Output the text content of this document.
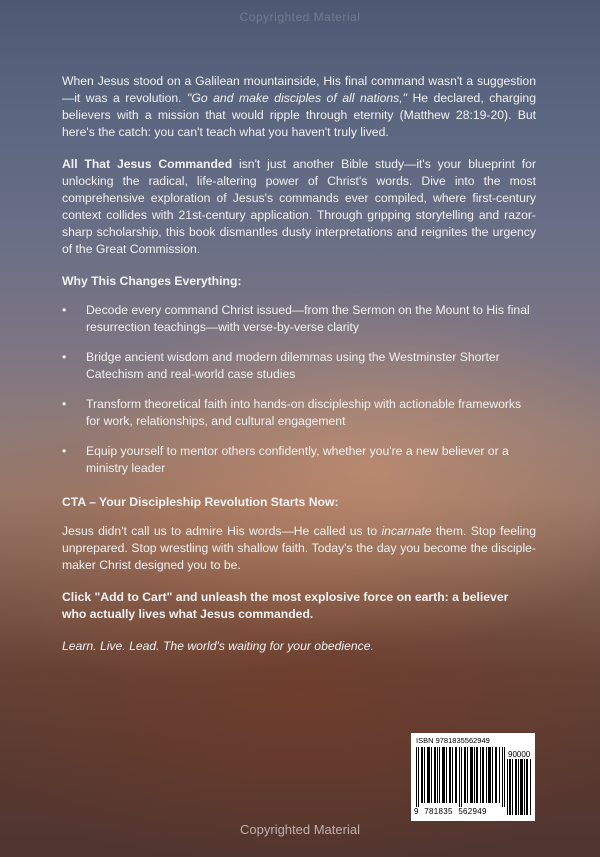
Copyrighted Material

When Jesus stood on a Galilean mountainside, His final command wasn't a suggestion—it was a revolution. "Go and make disciples of all nations," He declared, charging believers with a mission that would ripple through eternity (Matthew 28:19-20). But here's the catch: you can't teach what you haven't truly lived.

All That Jesus Commanded isn't just another Bible study—it's your blueprint for unlocking the radical, life-altering power of Christ's words. Dive into the most comprehensive exploration of Jesus's commands ever compiled, where first-century context collides with 21st-century application. Through gripping storytelling and razor-sharp scholarship, this book dismantles dusty interpretations and reignites the urgency of the Great Commission.

Why This Changes Everything:
• Decode every command Christ issued—from the Sermon on the Mount to His final resurrection teachings—with verse-by-verse clarity
• Bridge ancient wisdom and modern dilemmas using the Westminster Shorter Catechism and real-world case studies
• Transform theoretical faith into hands-on discipleship with actionable frameworks for work, relationships, and cultural engagement
• Equip yourself to mentor others confidently, whether you're a new believer or a ministry leader
CTA – Your Discipleship Revolution Starts Now:

Jesus didn't call us to admire His words—He called us to incarnate them. Stop feeling unprepared. Stop wrestling with shallow faith. Today's the day you become the disciple-maker Christ designed you to be.

Click "Add to Cart" and unleash the most explosive force on earth: a believer who actually lives what Jesus commanded.

Learn. Live. Lead. The world's waiting for your obedience.

ISBN 9781835562949
90000
9 781835 562949
Copyrighted Material
